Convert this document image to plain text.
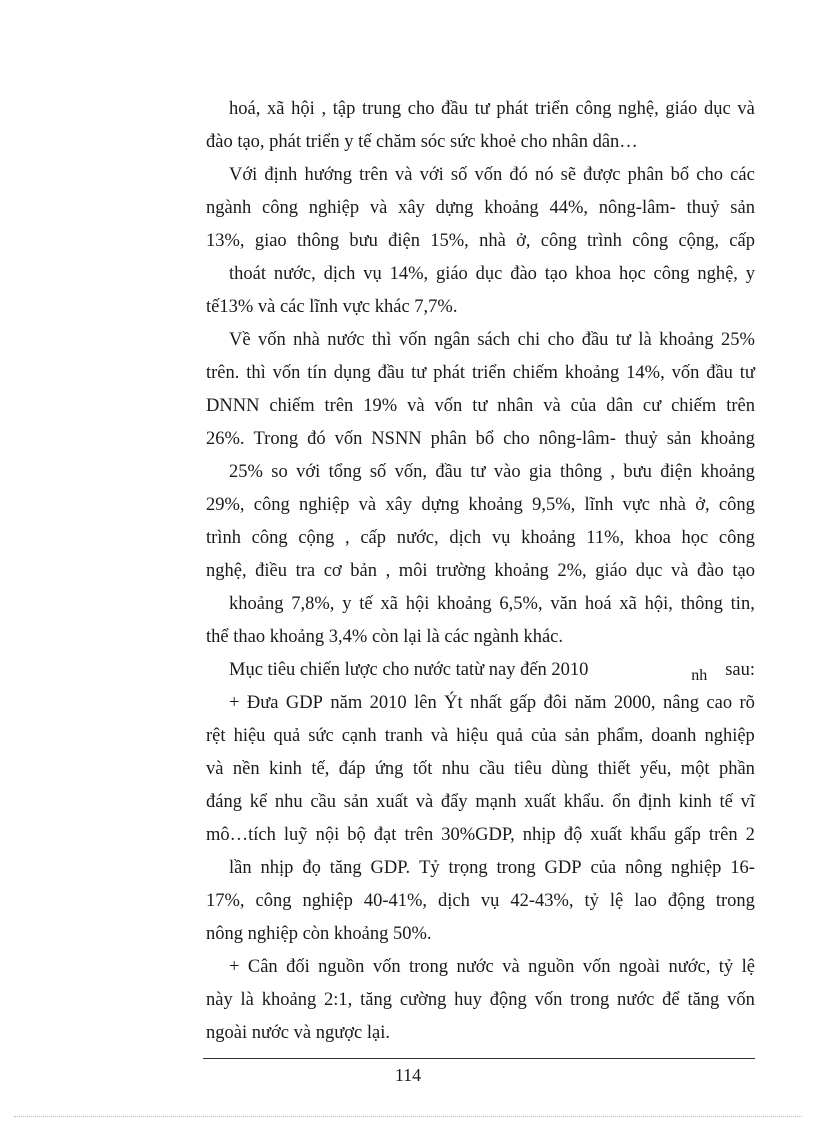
hoá, xã hội , tập trung cho đầu tư phát triển công nghệ, giáo dục và
đào tạo, phát triển y tế chăm sóc sức khoẻ cho nhân dân…
Với định hướng trên và với số vốn đó nó sẽ được phân bổ cho các
ngành công nghiệp và xây dựng khoảng 44%, nông-lâm- thuỷ sản
13%, giao thông bưu điện 15%, nhà ở, công trình công cộng, cấp
thoát nước, dịch vụ 14%, giáo dục đào tạo khoa học công nghệ, y
tế13% và các lĩnh vực khác 7,7%.
Về vốn nhà nước thì vốn ngân sách chi cho đầu tư là khoảng 25%
trên. thì vốn tín dụng đầu tư phát triển chiếm khoảng 14%, vốn đầu tư
DNNN chiếm trên 19% và vốn tư nhân và của dân cư chiếm trên
26%. Trong đó vốn NSNN phân bổ cho nông-lâm- thuỷ sản khoảng
25% so với tổng số vốn, đầu tư vào gia thông , bưu điện khoảng
29%, công nghiệp và xây dựng khoảng 9,5%, lĩnh vực nhà ở, công
trình công cộng , cấp nước, dịch vụ khoảng 11%, khoa học công
nghệ, điều tra cơ bản , môi trường khoảng 2%, giáo dục và đào tạo
khoảng 7,8%, y tế xã hội khoảng 6,5%, văn hoá xã hội, thông tin,
thể thao khoảng 3,4% còn lại là các ngành khác.
Mục tiêu chiến lược cho nước tatừ nay đến 2010	nh sau:
+ Đưa GDP năm 2010 lên Ýt nhất gấp đôi năm 2000, nâng cao rõ
rệt hiệu quả sức cạnh tranh và hiệu quả của sản phẩm, doanh nghiệp
và nền kinh tế, đáp ứng tốt nhu cầu tiêu dùng thiết yếu, một phần
đáng kể nhu cầu sản xuất và đẩy mạnh xuất khẩu. ổn định kinh tế vĩ
mô…tích luỹ nội bộ đạt trên 30%GDP, nhịp độ xuất khẩu gấp trên 2
lần nhịp đọ tăng GDP. Tỷ trọng trong GDP của nông nghiệp 16-
17%, công nghiệp 40-41%, dịch vụ 42-43%, tỷ lệ lao động trong
nông nghiệp còn khoảng 50%.
+ Cân đối nguồn vốn trong nước và nguồn vốn ngoài nước, tỷ lệ
này là khoảng 2:1, tăng cường huy động vốn trong nước để tăng vốn
ngoài nước và ngược lại.
114
